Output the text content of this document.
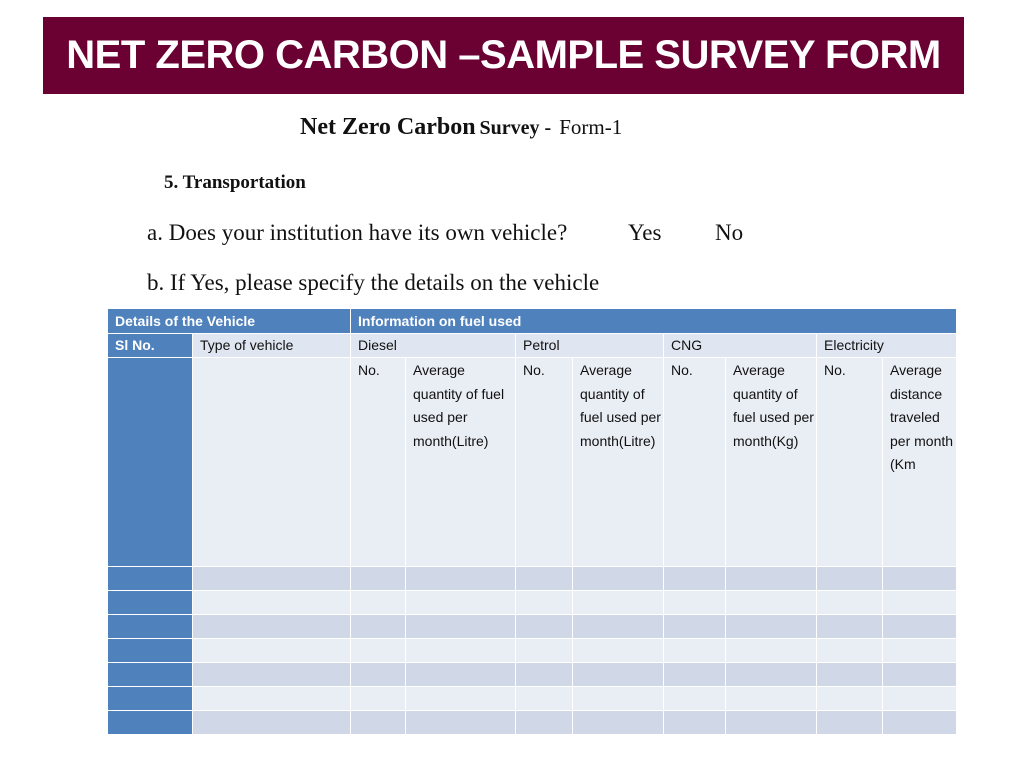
NET ZERO CARBON –SAMPLE SURVEY FORM
Net Zero Carbon Survey - Form-1
5. Transportation
a. Does your institution have its own vehicle?	Yes No
b. If Yes, please specify the details on the vehicle
Details of the Vehicle		Information on fuel used							
Sl No.	Type of vehicle	Diesel		Petrol		CNG		Electricity	
		No.	Average quantity of fuel used per month(Litre)	No.	Average quantity of fuel used per month(Litre)	No.	Average quantity of fuel used per month(Kg)	No.	Average distance traveled per month (Km
